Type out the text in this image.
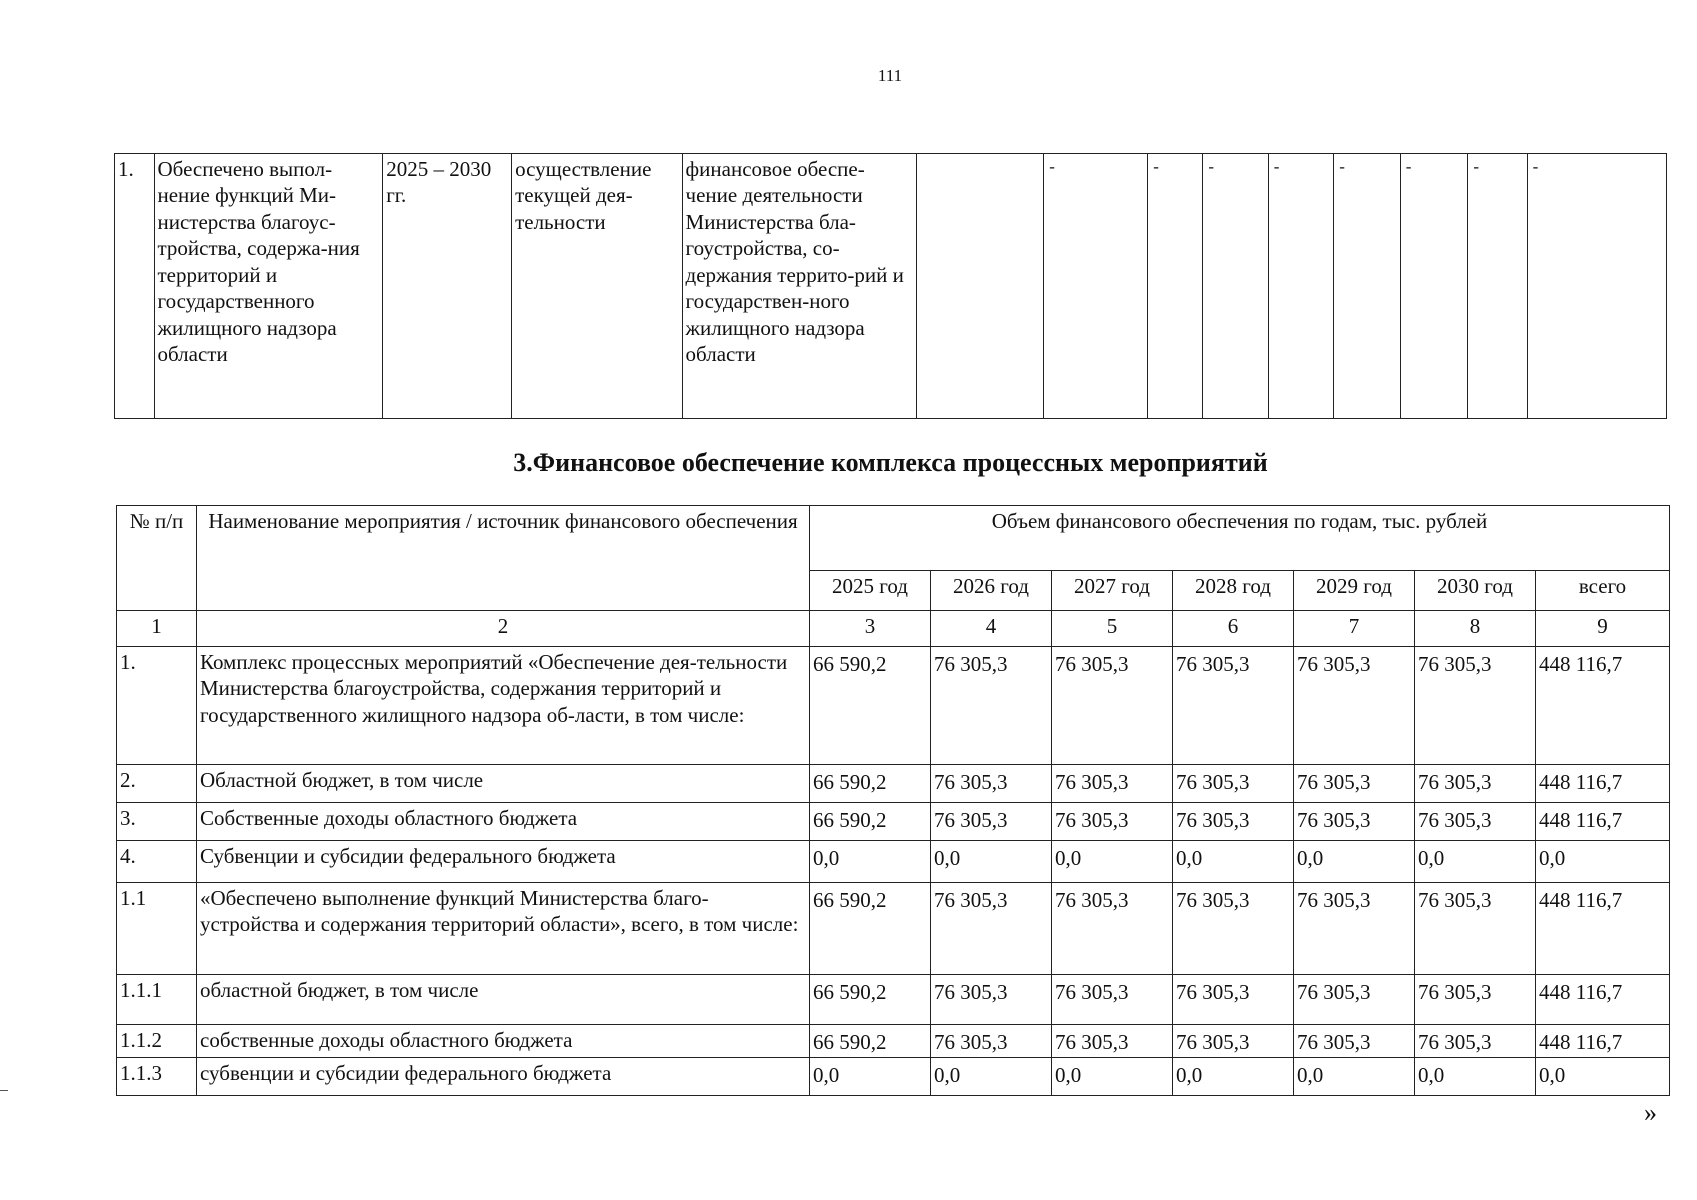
111
1.	Обеспечено выпол-нение функций Ми-нистерства благоус-тройства, содержа-ния территорий и государственного жилищного надзора области	2025 – 2030 гг.	осуществление текущей дея-тельности	финансовое обеспе-чение деятельности Министерства бла-гоустройства, со-держания террито-рий и государствен-ного жилищного надзора области		-	-	-	-	-	-	-	-
3.Финансовое обеспечение комплекса процессных мероприятий
№ п/п	Наименование мероприятия / источник финансового обеспечения	Объем финансового обеспечения по годам, тыс. рублей						
		2025 год	2026 год	2027 год	2028 год	2029 год	2030 год	всего
1	2	3	4	5	6	7	8	9
1.	Комплекс процессных мероприятий «Обеспечение дея-тельности Министерства благоустройства, содержания территорий и государственного жилищного надзора об-ласти, в том числе:	66 590,2	76 305,3	76 305,3	76 305,3	76 305,3	76 305,3	448 116,7
2.	Областной бюджет, в том числе	66 590,2	76 305,3	76 305,3	76 305,3	76 305,3	76 305,3	448 116,7
3.	Собственные доходы областного бюджета	66 590,2	76 305,3	76 305,3	76 305,3	76 305,3	76 305,3	448 116,7
4.	Субвенции и субсидии федерального бюджета	0,0	0,0	0,0	0,0	0,0	0,0	0,0
1.1	«Обеспечено выполнение функций Министерства благо-устройства и содержания территорий области», всего, в том числе:	66 590,2	76 305,3	76 305,3	76 305,3	76 305,3	76 305,3	448 116,7
1.1.1	областной бюджет, в том числе	66 590,2	76 305,3	76 305,3	76 305,3	76 305,3	76 305,3	448 116,7
1.1.2	собственные доходы областного бюджета	66 590,2	76 305,3	76 305,3	76 305,3	76 305,3	76 305,3	448 116,7
1.1.3	субвенции и субсидии федерального бюджета	0,0	0,0	0,0	0,0	0,0	0,0	0,0
»
